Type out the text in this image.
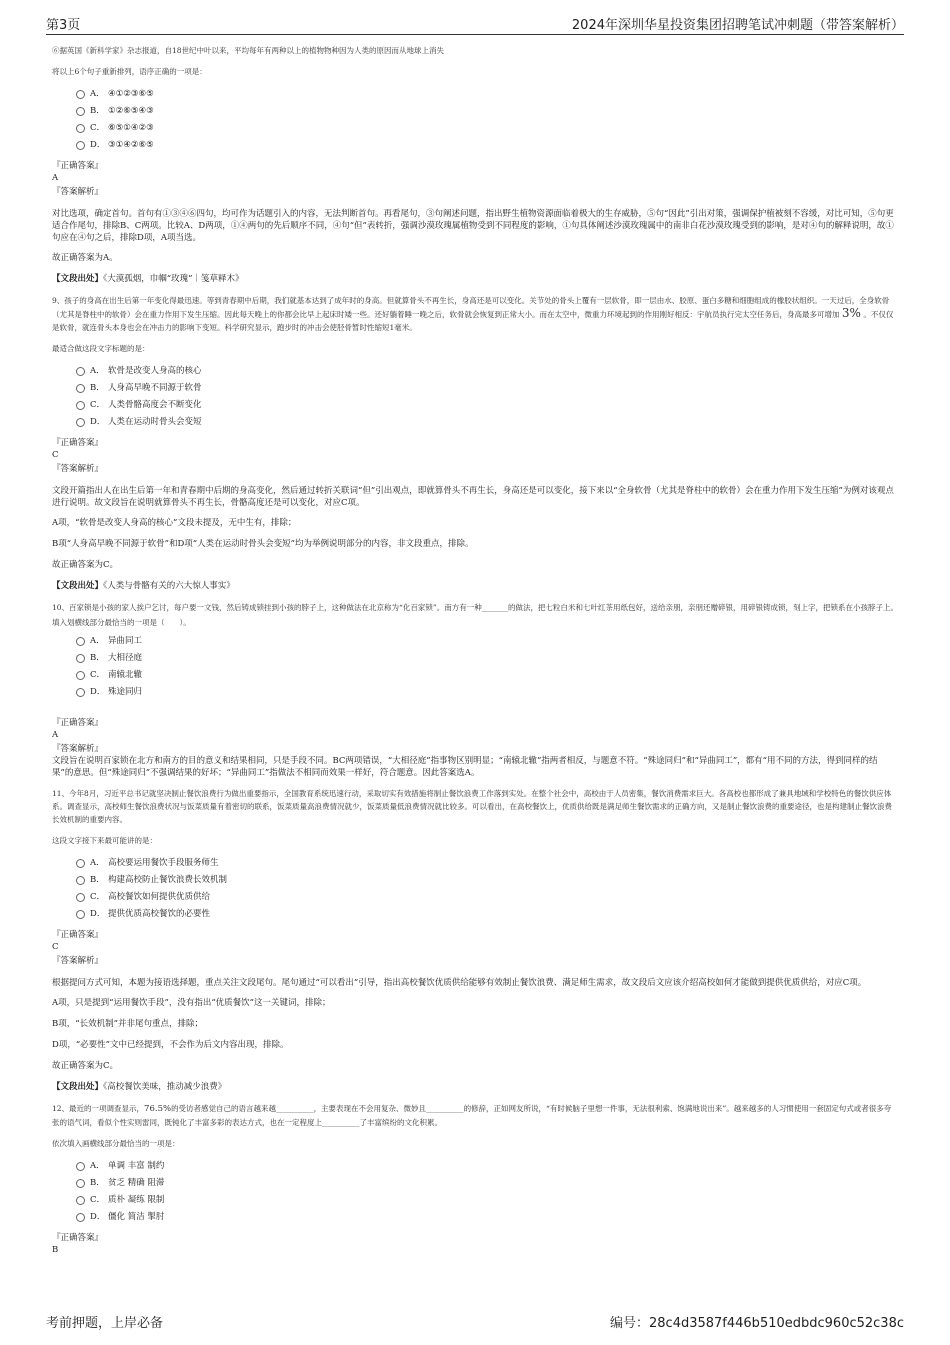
第3页	2024年深圳华星投资集团招聘笔试冲刺题（带答案解析）
⑥据英国《新科学家》杂志报道，自18世纪中叶以来，平均每年有两种以上的植物物种因为人类的原因而从地球上消失
将以上6个句子重新排列，语序正确的一项是：
A． ④①②③⑥⑤
B． ①②⑥⑤④③
C． ⑥⑤①④②③
D． ③①④②⑥⑤
『正确答案』
A
『答案解析』
对比选项，确定首句。首句有①③④⑥四句，均可作为话题引入的内容，无法判断首句。再看尾句，③句阐述问题，指出野生植物资源面临着极大的生存威胁，⑤句“因此”引出对策，强调保护植被刻不容缓，对比可知，⑤句更适合作尾句，排除B、C两项。比较A、D两项，①④两句的先后顺序不同，④句“但”表转折，强调沙漠玫瑰属植物受到不同程度的影响，①句具体阐述沙漠玫瑰属中的南非白花沙漠玫瑰受到的影响，是对④句的解释说明，故①句应在④句之后，排除D项，A项当选。
故正确答案为A。
【文段出处】《大漠孤烟，巾帼“玫瑰”｜笺草释木》
9、孩子的身高在出生后第一年变化得最迅速。等到青春期中后期，我们就基本达到了成年时的身高。但就算骨头不再生长，身高还是可以变化。关节处的骨头上覆有一层软骨，即一层由水、胶原、蛋白多糖和细胞组成的橡胶状组织。一天过后，全身软骨（尤其是脊柱中的软骨）会在重力作用下发生压缩。因此每天晚上的你都会比早上起床时矮一些。还好躺着睡一晚之后，软骨就会恢复到正常大小。而在太空中，微重力环境起到的作用刚好相反：宇航员执行完太空任务后，身高最多可增加 3% 。不仅仅是软骨，就连骨头本身也会在冲击力的影响下变短。科学研究显示，跑步时的冲击会使胫骨暂时性缩短1毫米。
最适合做这段文字标题的是：
A． 软骨是改变人身高的核心
B． 人身高早晚不同源于软骨
C． 人类骨骼高度会不断变化
D． 人类在运动时骨头会变短
『正确答案』
C
『答案解析』
文段开篇指出人在出生后第一年和青春期中后期的身高变化，然后通过转折关联词“但”引出观点，即就算骨头不再生长，身高还是可以变化，接下来以“全身软骨（尤其是脊柱中的软骨）会在重力作用下发生压缩”为例对该观点进行说明。故文段旨在说明就算骨头不再生长，骨骼高度还是可以变化，对应C项。
A项，“软骨是改变人身高的核心”文段未提及，无中生有，排除；
B项“人身高早晚不同源于软骨”和D项“人类在运动时骨头会变短”均为举例说明部分的内容，非文段重点，排除。
故正确答案为C。
【文段出处】《人类与骨骼有关的六大惊人事实》
10、百家锁是小孩的家人挨户乞讨，每户要一文钱，然后铸成锁挂到小孩的脖子上，这种做法在北京称为“化百家锁”。南方有一种_______的做法，把七粒白米和七叶红茶用纸包好，送给亲朋，亲朋还赠碎银，用碎银铸成锁，刻上字，把锁系在小孩脖子上。
填入划横线部分最恰当的一项是（　　）。
A． 异曲同工
B． 大相径庭
C． 南辕北辙
D． 殊途同归
『正确答案』
A
『答案解析』
文段旨在说明百家锁在北方和南方的目的意义和结果相同，只是手段不同。BC两项错误，“大相径庭”指事物区别明显；“南辕北辙”指两者相反，与题意不符。“殊途同归”和“异曲同工”，都有“用不同的方法，得到同样的结果”的意思。但“殊途同归”不强调结果的好坏；“异曲同工”指做法不相同而效果一样好，符合题意。因此答案选A。
11、今年8月，习近平总书记就坚决制止餐饮浪费行为做出重要指示，全国教育系统迅速行动，采取切实有效措施将制止餐饮浪费工作落到实处。在整个社会中，高校由于人员密集，餐饮消费需求巨大。各高校也都形成了兼具地域和学校特色的餐饮供应体系。调查显示，高校师生餐饮浪费状况与饭菜质量有着密切的联系，饭菜质量高浪费情况就少，饭菜质量低浪费情况就比较多。可以看出，在高校餐饮上，优质供给既是满足师生餐饮需求的正确方向，又是制止餐饮浪费的重要途径，也是构建制止餐饮浪费长效机制的重要内容。
这段文字接下来最可能讲的是：
A． 高校要运用餐饮手段服务师生
B． 构建高校防止餐饮浪费长效机制
C． 高校餐饮如何提供优质供给
D． 提供优质高校餐饮的必要性
『正确答案』
C
『答案解析』
根据提问方式可知，本题为接语选择题，重点关注文段尾句。尾句通过“可以看出”引导，指出高校餐饮优质供给能够有效制止餐饮浪费、满足师生需求，故文段后文应该介绍高校如何才能做到提供优质供给，对应C项。
A项，只是提到“运用餐饮手段”，没有指出“优质餐饮”这一关键词，排除；
B项，“长效机制”并非尾句重点，排除；
D项，“必要性”文中已经提到，不会作为后文内容出现，排除。
故正确答案为C。
【文段出处】《高校餐饮美味，推动减少浪费》
12、最近的一项调查显示，76.5%的受访者感觉自己的语言越来越__________，主要表现在不会用复杂、微妙且__________的修辞，正如网友所说，“有时候脑子里想一件事，无法很利索、饱满地说出来”。越来越多的人习惯使用一套固定句式或者很多夸张的语气词，看似个性实则雷同，既钝化了丰富多彩的表达方式，也在一定程度上__________了丰富缤纷的文化积累。
依次填入画横线部分最恰当的一项是：
A． 单调 丰富 制约
B． 贫乏 精确 阻滞
C． 质朴 凝练 限制
D． 僵化 简洁 掣肘
『正确答案』
B
考前押题，上岸必备	编号：28c4d3587f446b510edbdc960c52c38c
